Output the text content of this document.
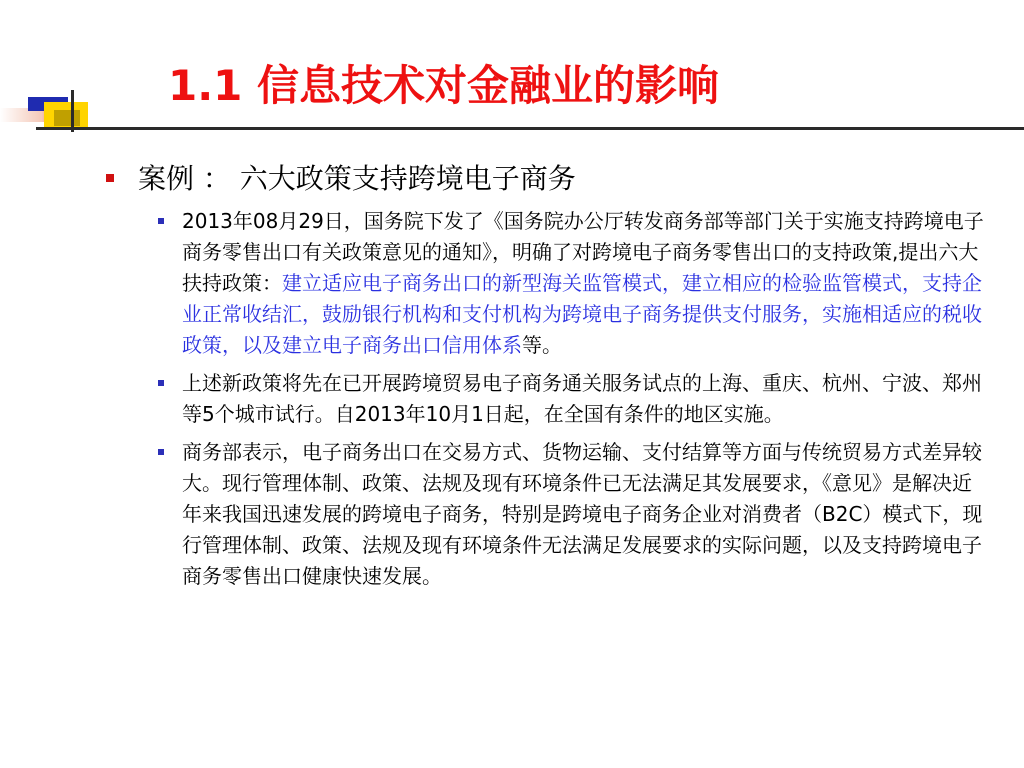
1.1 信息技术对金融业的影响
案例 ： 六大政策支持跨境电子商务
2013年08月29日，国务院下发了《国务院办公厅转发商务部等部门关于实施支持跨境电子商务零售出口有关政策意见的通知》，明确了对跨境电子商务零售出口的支持政策,提出六大扶持政策：建立适应电子商务出口的新型海关监管模式，建立相应的检验监管模式，支持企业正常收结汇，鼓励银行机构和支付机构为跨境电子商务提供支付服务，实施相适应的税收政策，以及建立电子商务出口信用体系等。
上述新政策将先在已开展跨境贸易电子商务通关服务试点的上海、重庆、杭州、宁波、郑州等5个城市试行。自2013年10月1日起，在全国有条件的地区实施。
商务部表示，电子商务出口在交易方式、货物运输、支付结算等方面与传统贸易方式差异较大。现行管理体制、政策、法规及现有环境条件已无法满足其发展要求，《意见》是解决近年来我国迅速发展的跨境电子商务，特别是跨境电子商务企业对消费者（B2C）模式下，现行管理体制、政策、法规及现有环境条件无法满足发展要求的实际问题，以及支持跨境电子商务零售出口健康快速发展。
